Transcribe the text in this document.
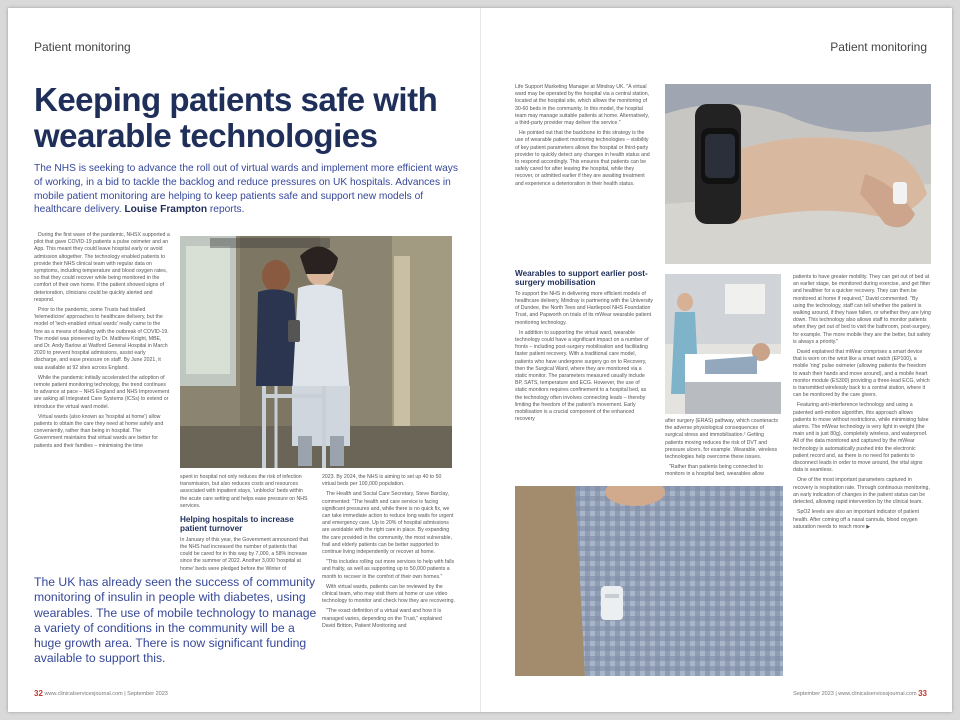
Patient monitoring
Keeping patients safe with wearable technologies

The NHS is seeking to advance the roll out of virtual wards and implement more efficient ways of working, in a bid to tackle the backlog and reduce pressures on UK hospitals. Advances in mobile patient monitoring are helping to keep patients safe and support new models of healthcare delivery. Louise Frampton reports.

During the first wave of the pandemic, NHSX supported a pilot that gave COVID-19 patients a pulse oximeter and an App. This meant they could leave hospital early or avoid admission altogether. The technology enabled patients to provide their NHS clinical team with regular data on symptoms, including temperature and blood oxygen rates, so that they could recover while being monitored in the comfort of their own home. If the patient showed signs of deterioration, clinicians could be quickly alerted and respond.

Prior to the pandemic, some Trusts had trialled 'telemedicine' approaches to healthcare delivery, but the model of 'tech-enabled virtual wards' really came to the fore as a means of dealing with the outbreak of COVID-19. The model was pioneered by Dr. Matthew Knight, MBE, and Dr. Andy Barlow at Watford General Hospital in March 2020 to prevent hospital admissions, assist early discharge, and ease pressure on staff. By June 2021, it was available at 92 sites across England.

While the pandemic initially accelerated the adoption of remote patient monitoring technology, the trend continues to advance at pace – NHS England and NHS Improvement are asking all Integrated Care Systems (ICSs) to extend or introduce the virtual ward model.

Virtual wards (also known as 'hospital at home') allow patients to obtain the care they need at home safely and conveniently, rather than being in hospital. The Government maintains that virtual wards are better for patients and their families – minimising the time

spent in hospital not only reduces the risk of infection transmission, but also reduces costs and resources associated with inpatient stays, 'unblocks' beds within the acute care setting and helps ease pressure on NHS services.

Helping hospitals to increase patient turnover

In January of this year, the Government announced that the NHS had increased the number of patients that could be cared for in this way by 7,000, a 58% increase since the summer of 2022. Another 3,000 'hospital at home' beds were pledged before the Winter of

2023. By 2024, the NHS is aiming to set up 40 to 50 virtual beds per 100,000 population.

The Health and Social Care Secretary, Steve Barclay, commented: "The health and care service is facing significant pressures and, while there is no quick fix, we can take immediate action to reduce long waits for urgent and emergency care. Up to 20% of hospital admissions are avoidable with the right care in place. By expanding the care provided in the community, the most vulnerable, frail and elderly patients can be better supported to continue living independently or recover at home.

"This includes rolling out more services to help with falls and frailty, as well as supporting up to 50,000 patients a month to recover in the comfort of their own homes."

With virtual wards, patients can be reviewed by the clinical team, who may visit them at home or use video technology to monitor and check how they are recovering.

"The exact definition of a virtual ward and how it is managed varies, depending on the Trust," explained David Britton, Patient Monitoring and

The UK has already seen the success of community monitoring of insulin in people with diabetes, using wearables. The use of mobile technology to manage a variety of conditions in the community will be a huge growth area. There is now significant funding available to support this.

32 www.clinicalservicesjournal.com | September 2023
Patient monitoring

Life Support Marketing Manager at Mindray UK. "A virtual ward may be operated by the hospital via a central station, located at the hospital site, which allows the monitoring of 30-60 beds in the community. In this model, the hospital team may manage suitable patients at home. Alternatively, a third-party provider may deliver the service."

He pointed out that the backbone to this strategy is the use of wearable patient monitoring technologies – visibility of key patient parameters allows the hospital or third-party provider to quickly detect any changes in health status and to respond accordingly. This ensures that patients can be safely cared for after leaving the hospital, while they recover, or admitted earlier if they are awaiting treatment and experience a deterioration in their health status.

Wearables to support earlier post-surgery mobilisation

To support the NHS in delivering more efficient models of healthcare delivery, Mindray is partnering with the University of Dundee, the North Tees and Hartlepool NHS Foundation Trust, and Papworth on trials of its mWear wearable patient monitoring technology.

In addition to supporting the virtual ward, wearable technology could have a significant impact on a number of fronts – including post-surgery mobilisation and facilitating faster patient recovery. With a traditional care model, patients who have undergone surgery go on to Recovery, then the Surgical Ward, where they are monitored via a static monitor. The parameters measured usually include BP, SATS, temperature and ECG. However, the use of static monitors requires confinement to a hospital bed, as the technology often involves connecting leads – thereby limiting the freedom of the patient's movement. Early mobilisation is a crucial component of the enhanced recovery	after surgery (ERAS) pathway, which counteracts the adverse physiological consequences of surgical stress and immobilisation.¹ Getting patients moving reduces the risk of DVT and pressure ulcers, for example. Wearable, wireless technologies help overcome these issues.

"Rather than patients being connected to monitors in a hospital bed, wearables allow

patients to have greater mobility. They can get out of bed at an earlier stage, be monitored during exercise, and get fitter and healthier for a quicker recovery. They can then be monitored at home if required," David commented. "By using the technology, staff can tell whether the patient is walking around, if they have fallen, or whether they are lying down. This technology also allows staff to monitor patients when they get out of bed to visit the bathroom, post-surgery, for example. The more mobile they are the better, but safety is always a priority."

David explained that mWear comprises a smart device that is worn on the wrist like a smart watch (EP100), a mobile 'ring' pulse oximeter (allowing patients the freedom to wash their hands and move around), and a mobile heart monitor module (ES300) providing a three-lead ECG, which is transmitted wirelessly back to a central station, where it can be monitored by the care givers.

Featuring anti-interference technology and using a patented anti-motion algorithm, this approach allows patients to move without restrictions, while minimising false alarms. The mWear technology is very light in weight (the main unit is just 80g), completely wireless, and waterproof. All of the data monitored and captured by the mWear technology is automatically pushed into the electronic patient record and, as there is no need for patients to disconnect leads in order to move around, the vital signs data is seamless.

One of the most important parameters captured in recovery is respiration rate. Through continuous monitoring, an early indication of changes in the patient status can be detected, allowing rapid intervention by the clinical team.

SpO2 levels are also an important indicator of patient health. After coming off a nasal cannula, blood oxygen saturation needs to reach more ▶

September 2023 | www.clinicalservicesjournal.com 33
